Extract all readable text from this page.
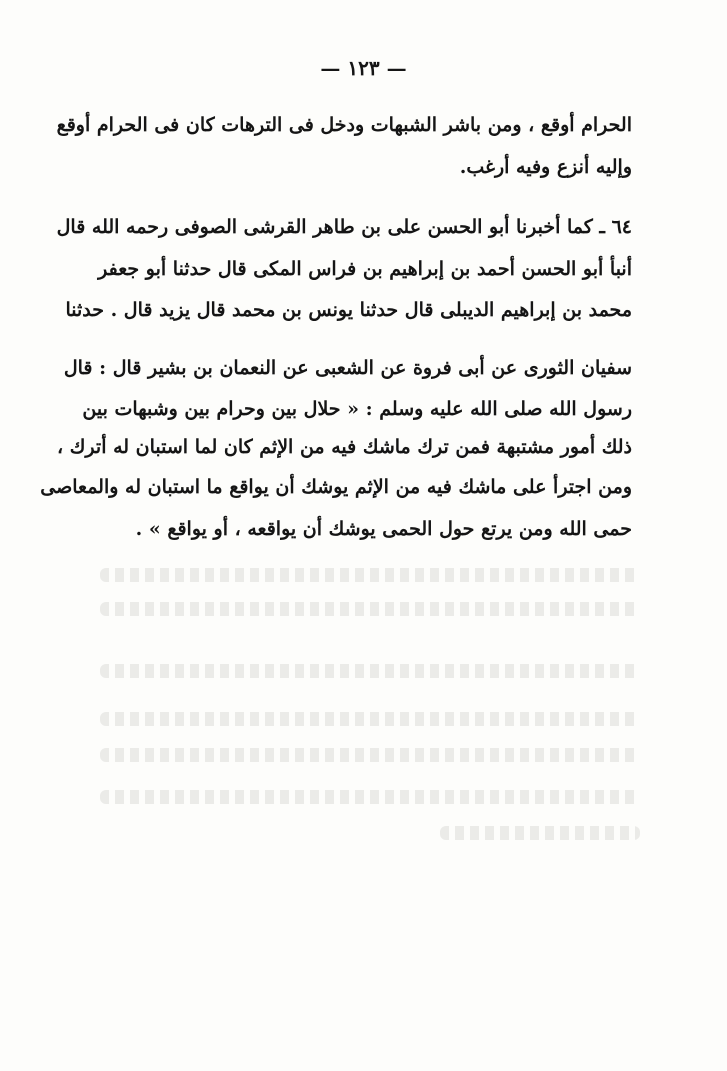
— ١٢٣ —
الحرام أوقع ، ومن باشر الشبهات ودخل فى الترهات كان فى الحرام أوقع
وإليه أنزع وفيه أرغب.
٦٤ ـ كما أخبرنا أبو الحسن على بن طاهر القرشى الصوفى رحمه الله قال
أنبأ أبو الحسن أحمد بن إبراهيم بن فراس المكى قال حدثنا أبو جعفر
محمد بن إبراهيم الديبلى قال حدثنا يونس بن محمد قال يزيد قال . حدثنا
سفيان الثورى عن أبى فروة عن الشعبى عن النعمان بن بشير قال : قال
رسول الله صلى الله عليه وسلم : « حلال بين وحرام بين وشبهات بين
ذلك أمور مشتبهة فمن ترك ماشك فيه من الإثم كان لما استبان له أترك ،
ومن اجترأ على ماشك فيه من الإثم يوشك أن يواقع ما استبان له والمعاصى
حمى الله ومن يرتع حول الحمى يوشك أن يواقعه ، أو يواقع » .
